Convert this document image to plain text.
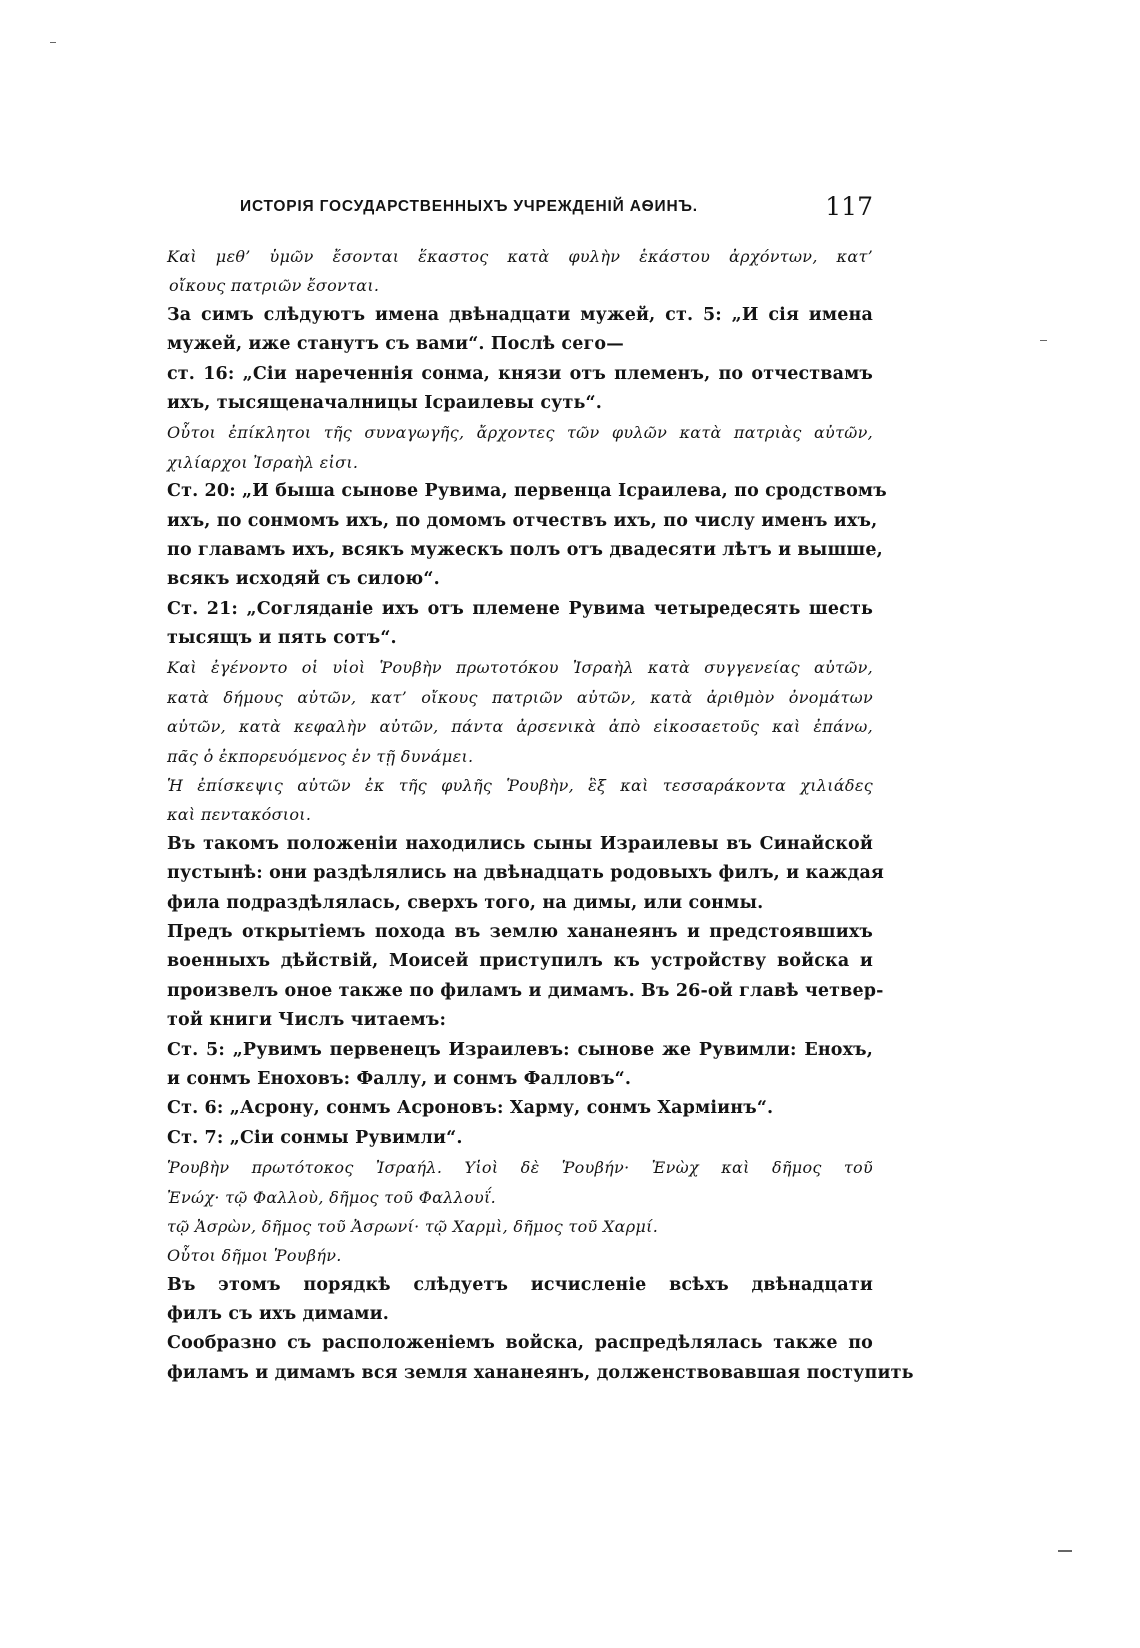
ИСТОРІЯ ГОСУДАРСТВЕННЫХЪ УЧРЕЖДЕНІЙ АѲИНЪ.	117
Καὶ μεθ’ ὑμῶν ἔσονται ἕκαστος κατὰ φυλὴν ἑκάστου ἀρχόντων, κατ’
οἴκους πατριῶν ἔσονται.
За симъ слѣдуютъ имена двѣнадцати мужей, ст. 5: „И сія имена
мужей, иже станутъ съ вами“. Послѣ сего—
ст. 16: „Сіи нареченнія сонма, князи отъ племенъ, по отчествамъ
ихъ, тысященачалницы Ісраилевы суть“.
Οὗτοι ἐπίκλητοι τῆς συναγωγῆς, ἄρχοντες τῶν φυλῶν κατὰ πατριὰς αὐτῶν,
χιλίαρχοι Ἰσραὴλ εἰσι.
Ст. 20: „И быша сынове Рувима, первенца Ісраилева, по сродствомъ
ихъ, по сонмомъ ихъ, по домомъ отчествъ ихъ, по числу именъ ихъ,
по главамъ ихъ, всякъ мужескъ полъ отъ двадесяти лѣтъ и вышше,
всякъ исходяй съ силою“.
Ст. 21: „Согляданіе ихъ отъ племене Рувима четыредесять шесть
тысящъ и пять сотъ“.
Καὶ ἐγένοντο οἱ υἱοὶ Ῥουβὴν πρωτοτόκου Ἰσραὴλ κατὰ συγγενείας αὐτῶν,
κατὰ δήμους αὐτῶν, κατ’ οἴκους πατριῶν αὐτῶν, κατὰ ἀριθμὸν ὀνομάτων
αὐτῶν, κατὰ κεφαλὴν αὐτῶν, πάντα ἀρσενικὰ ἀπὸ εἰκοσαετοῦς καὶ ἐπάνω,
πᾶς ὁ ἐκπορευόμενος ἐν τῇ δυνάμει.
Ἡ ἐπίσκεψις αὐτῶν ἐκ τῆς φυλῆς Ῥουβὴν, ἓξ καὶ τεσσαράκοντα χιλιάδες
καὶ πεντακόσιοι.
Въ такомъ положеніи находились сыны Израилевы въ Синайской
пустынѣ: они раздѣлялись на двѣнадцать родовыхъ филъ, и каждая
фила подраздѣлялась, сверхъ того, на димы, или сонмы.
Предъ открытіемъ похода въ землю хананеянъ и предстоявшихъ
военныхъ дѣйствій, Моисей приступилъ къ устройству войска и
произвелъ оное также по филамъ и димамъ. Въ 26-ой главѣ четвер-
той книги Числъ читаемъ:
Ст. 5: „Рувимъ первенецъ Израилевъ: сынове же Рувимли: Енохъ,
и сонмъ Еноховъ: Фаллу, и сонмъ Фалловъ“.
Ст. 6: „Асрону, сонмъ Асроновъ: Харму, сонмъ Харміинъ“.
Ст. 7: „Сіи сонмы Рувимли“.
Ῥουβὴν πρωτότοκος Ἰσραήλ. Υἱοὶ δὲ Ῥουβήν· Ἐνὼχ καὶ δῆμος τοῦ
Ἐνώχ· τῷ Φαλλοὺ, δῆμος τοῦ Φαλλουΐ.
τῷ Ἀσρὼν, δῆμος τοῦ Ἀσρωνί· τῷ Χαρμὶ, δῆμος τοῦ Χαρμί.
Οὗτοι δῆμοι Ῥουβήν.
Въ этомъ порядкѣ слѣдуетъ исчисленіе всѣхъ двѣнадцати
филъ съ ихъ димами.
Сообразно съ расположеніемъ войска, распредѣлялась также по
филамъ и димамъ вся земля хананеянъ, долженствовавшая поступить
